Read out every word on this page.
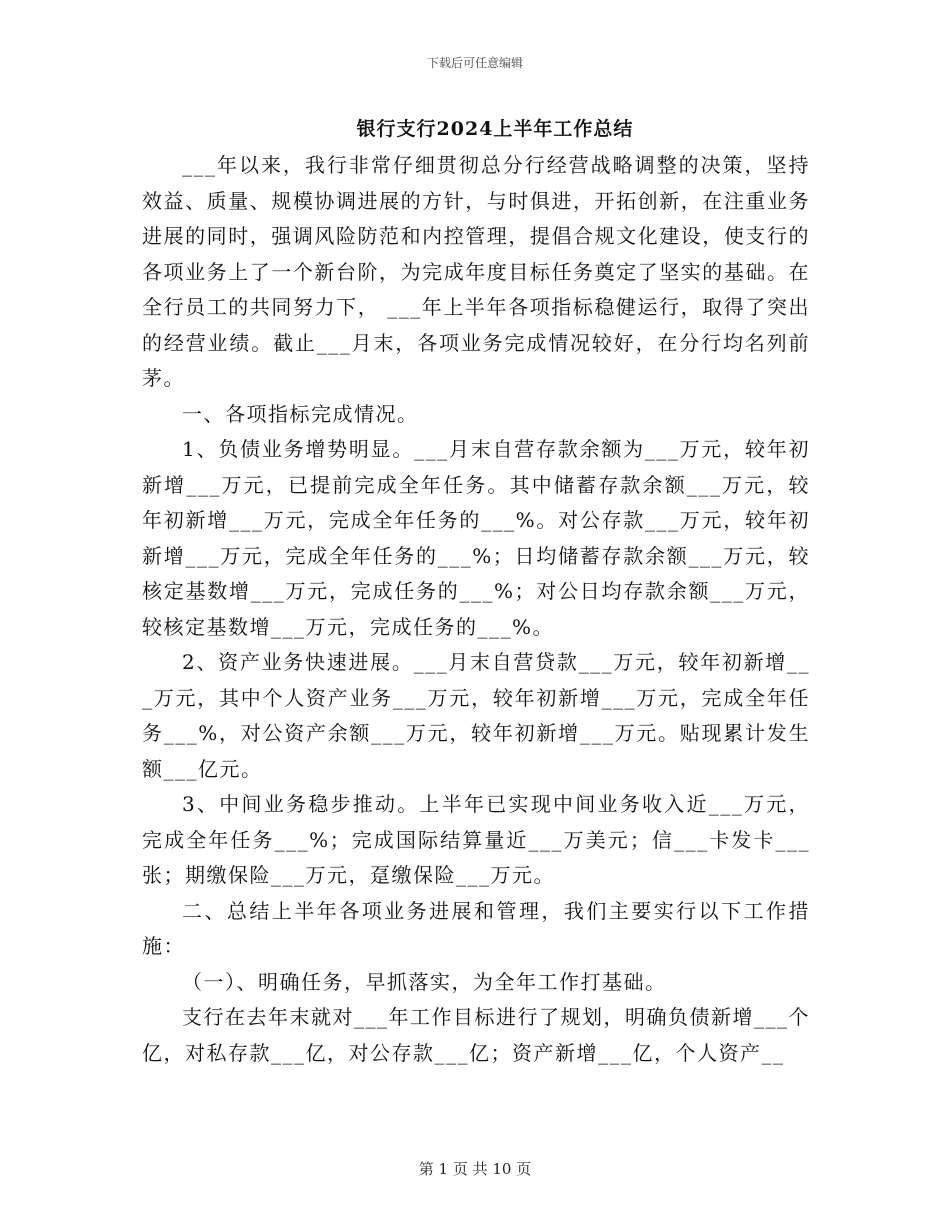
下载后可任意编辑
银行支行2024上半年工作总结

___年以来，我行非常仔细贯彻总分行经营战略调整的决策，坚持效益、质量、规模协调进展的方针，与时俱进，开拓创新，在注重业务进展的同时，强调风险防范和内控管理，提倡合规文化建设，使支行的各项业务上了一个新台阶，为完成年度目标任务奠定了坚实的基础。在全行员工的共同努力下， ___年上半年各项指标稳健运行，取得了突出的经营业绩。截止___月末，各项业务完成情况较好，在分行均名列前茅。

一、各项指标完成情况。

1、负债业务增势明显。___月末自营存款余额为___万元，较年初新增___万元，已提前完成全年任务。其中储蓄存款余额___万元，较年初新增___万元，完成全年任务的___%。对公存款___万元，较年初新增___万元，完成全年任务的___%；日均储蓄存款余额___万元，较核定基数增___万元，完成任务的___%；对公日均存款余额___万元，较核定基数增___万元，完成任务的___%。

2、资产业务快速进展。___月末自营贷款___万元，较年初新增___万元，其中个人资产业务___万元，较年初新增___万元，完成全年任务___%，对公资产余额___万元，较年初新增___万元。贴现累计发生额___亿元。

3、中间业务稳步推动。上半年已实现中间业务收入近___万元，完成全年任务___%；完成国际结算量近___万美元；信___卡发卡___张；期缴保险___万元，趸缴保险___万元。

二、总结上半年各项业务进展和管理，我们主要实行以下工作措施：

（一）、明确任务，早抓落实，为全年工作打基础。

支行在去年末就对___年工作目标进行了规划，明确负债新增___个亿，对私存款___亿，对公存款___亿；资产新增___亿，个人资产__

第 1 页 共 10 页
